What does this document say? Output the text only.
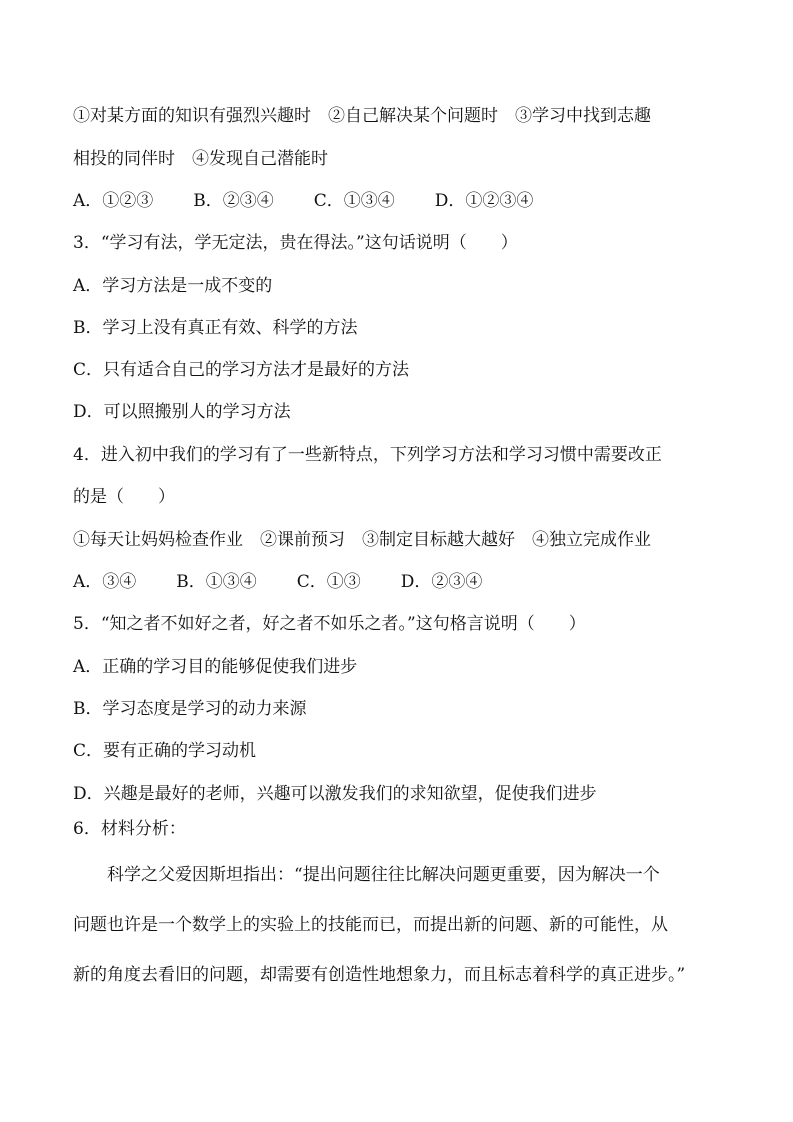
①对某方面的知识有强烈兴趣时　②自己解决某个问题时　③学习中找到志趣
相投的同伴时　④发现自己潜能时
A．①②③ B．②③④ C．①③④ D．①②③④
3．“学习有法，学无定法，贵在得法。”这句话说明（　　）
A．学习方法是一成不变的
B．学习上没有真正有效、科学的方法
C．只有适合自己的学习方法才是最好的方法
D．可以照搬别人的学习方法
4．进入初中我们的学习有了一些新特点，下列学习方法和学习习惯中需要改正
的是（　　）
①每天让妈妈检查作业　②课前预习　③制定目标越大越好　④独立完成作业
A．③④ B．①③④ C．①③ D．②③④
5．“知之者不如好之者，好之者不如乐之者。”这句格言说明（　　）
A．正确的学习目的能够促使我们进步
B．学习态度是学习的动力来源
C．要有正确的学习动机
D．兴趣是最好的老师，兴趣可以激发我们的求知欲望，促使我们进步
6．材料分析：
科学之父爱因斯坦指出：“提出问题往往比解决问题更重要，因为解决一个
问题也许是一个数学上的实验上的技能而已，而提出新的问题、新的可能性，从
新的角度去看旧的问题，却需要有创造性地想象力，而且标志着科学的真正进步。”
